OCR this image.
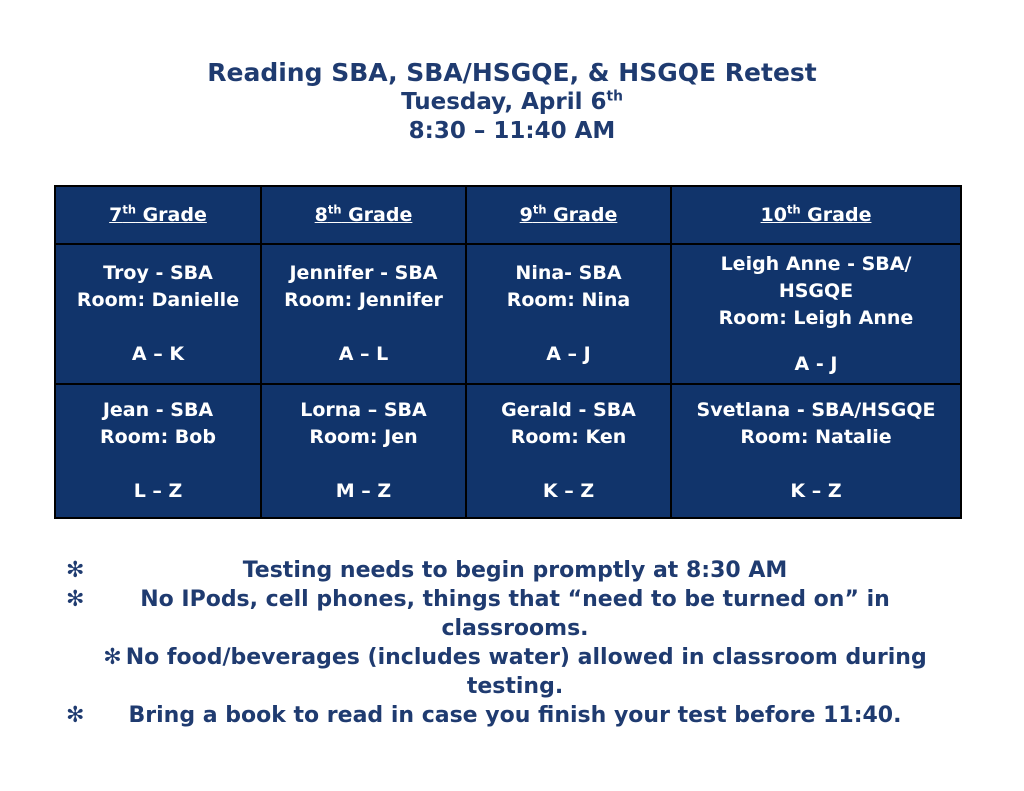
Reading SBA, SBA/HSGQE, & HSGQE Retest
Tuesday, April 6th
8:30 – 11:40 AM
7th Grade	8th Grade	9th Grade	10th Grade

Troy - SBA
Room: Danielle
A – K	Jennifer - SBA
Room: Jennifer
A – L	Nina- SBA
Room: Nina
A – J	Leigh Anne - SBA/
HSGQE
Room: Leigh Anne
A - J

Jean - SBA
Room: Bob
L – Z	Lorna – SBA
Room: Jen
M – Z	Gerald - SBA
Room: Ken
K – Z	Svetlana - SBA/HSGQE
Room: Natalie
K – Z
✻	Testing needs to begin promptly at 8:30 AM
✻	No IPods, cell phones, things that “need to be turned on” in
classrooms.
✻ No food/beverages (includes water) allowed in classroom during
testing.
✻ Bring a book to read in case you finish your test before 11:40.
